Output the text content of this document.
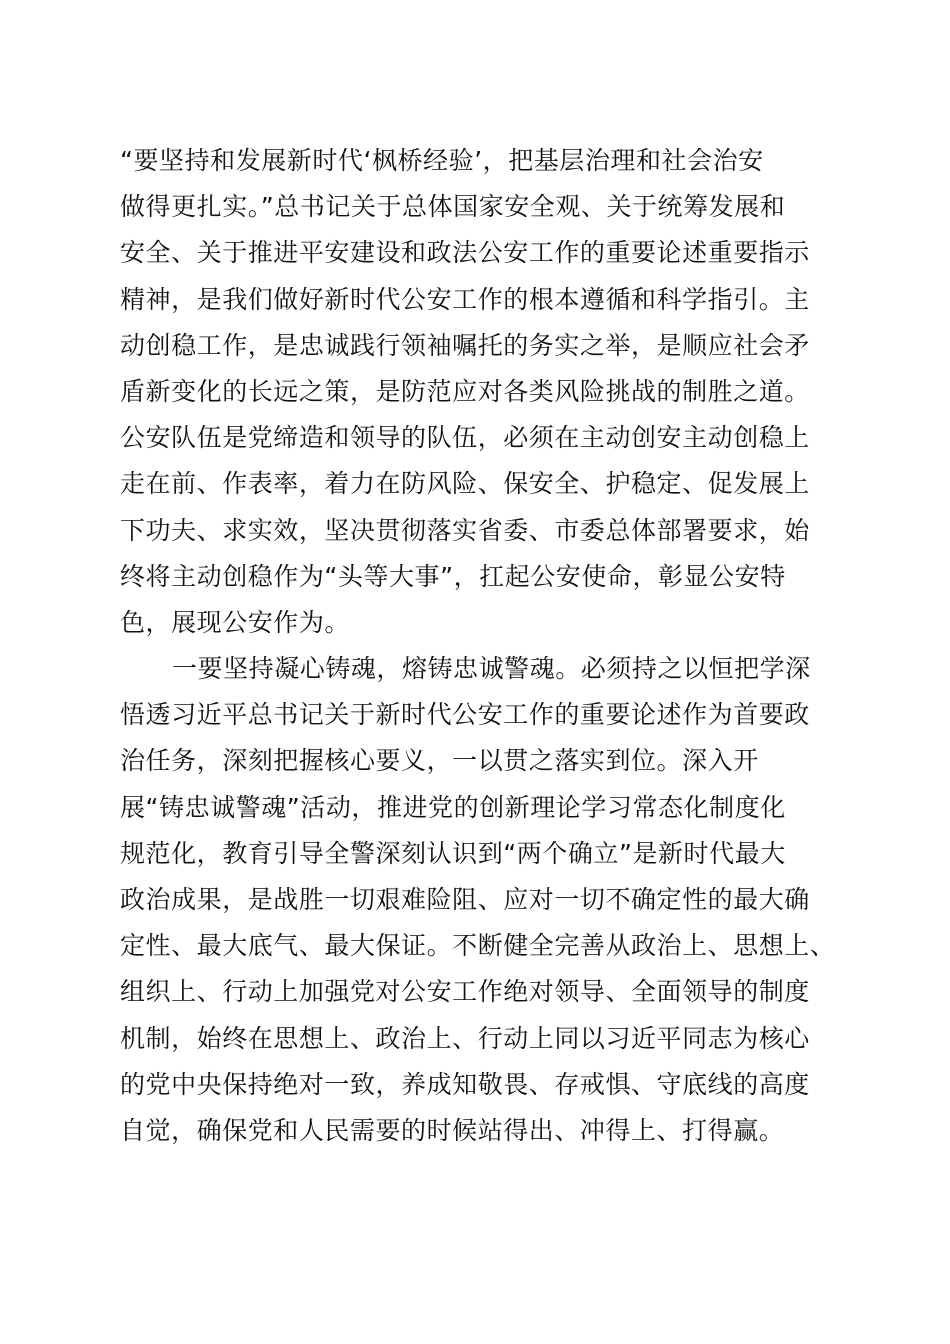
“要坚持和发展新时代‘枫桥经验’，把基层治理和社会治安
做得更扎实。”总书记关于总体国家安全观、关于统筹发展和
安全、关于推进平安建设和政法公安工作的重要论述重要指示
精神，是我们做好新时代公安工作的根本遵循和科学指引。主
动创稳工作，是忠诚践行领袖嘱托的务实之举，是顺应社会矛
盾新变化的长远之策，是防范应对各类风险挑战的制胜之道。
公安队伍是党缔造和领导的队伍，必须在主动创安主动创稳上
走在前、作表率，着力在防风险、保安全、护稳定、促发展上
下功夫、求实效，坚决贯彻落实省委、市委总体部署要求，始
终将主动创稳作为“头等大事”，扛起公安使命，彰显公安特
色，展现公安作为。
一要坚持凝心铸魂，熔铸忠诚警魂。必须持之以恒把学深
悟透习近平总书记关于新时代公安工作的重要论述作为首要政
治任务，深刻把握核心要义，一以贯之落实到位。深入开
展“铸忠诚警魂”活动，推进党的创新理论学习常态化制度化
规范化，教育引导全警深刻认识到“两个确立”是新时代最大
政治成果，是战胜一切艰难险阻、应对一切不确定性的最大确
定性、最大底气、最大保证。不断健全完善从政治上、思想上、
组织上、行动上加强党对公安工作绝对领导、全面领导的制度
机制，始终在思想上、政治上、行动上同以习近平同志为核心
的党中央保持绝对一致，养成知敬畏、存戒惧、守底线的高度
自觉，确保党和人民需要的时候站得出、冲得上、打得赢。
